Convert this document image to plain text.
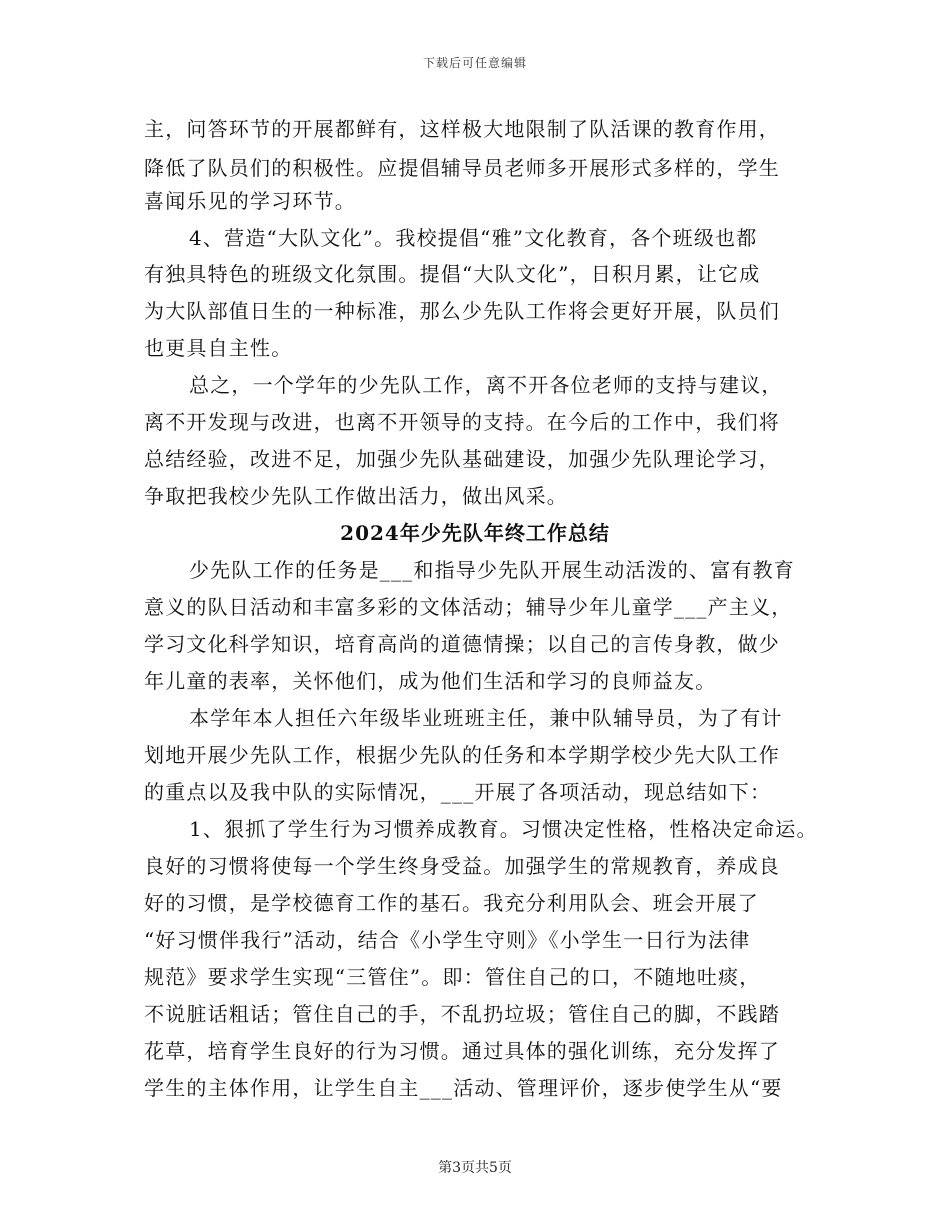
下载后可任意编辑
主，问答环节的开展都鲜有，这样极大地限制了队活课的教育作用，
降低了队员们的积极性。应提倡辅导员老师多开展形式多样的，学生
喜闻乐见的学习环节。
4、营造“大队文化”。我校提倡“雅”文化教育，各个班级也都
有独具特色的班级文化氛围。提倡“大队文化”，日积月累，让它成
为大队部值日生的一种标准，那么少先队工作将会更好开展，队员们
也更具自主性。
总之，一个学年的少先队工作，离不开各位老师的支持与建议，
离不开发现与改进，也离不开领导的支持。在今后的工作中，我们将
总结经验，改进不足，加强少先队基础建设，加强少先队理论学习，
争取把我校少先队工作做出活力，做出风采。
2024年少先队年终工作总结
少先队工作的任务是___和指导少先队开展生动活泼的、富有教育
意义的队日活动和丰富多彩的文体活动；辅导少年儿童学___产主义，
学习文化科学知识，培育高尚的道德情操；以自己的言传身教，做少
年儿童的表率，关怀他们，成为他们生活和学习的良师益友。
本学年本人担任六年级毕业班班主任，兼中队辅导员，为了有计
划地开展少先队工作，根据少先队的任务和本学期学校少先大队工作
的重点以及我中队的实际情况，___开展了各项活动，现总结如下：
1、狠抓了学生行为习惯养成教育。习惯决定性格，性格决定命运。
良好的习惯将使每一个学生终身受益。加强学生的常规教育，养成良
好的习惯，是学校德育工作的基石。我充分利用队会、班会开展了
“好习惯伴我行”活动，结合《小学生守则》《小学生一日行为法律
规范》要求学生实现“三管住”。即：管住自己的口，不随地吐痰，
不说脏话粗话；管住自己的手，不乱扔垃圾；管住自己的脚，不践踏
花草，培育学生良好的行为习惯。通过具体的强化训练，充分发挥了
学生的主体作用，让学生自主___活动、管理评价，逐步使学生从“要
第3页共5页
